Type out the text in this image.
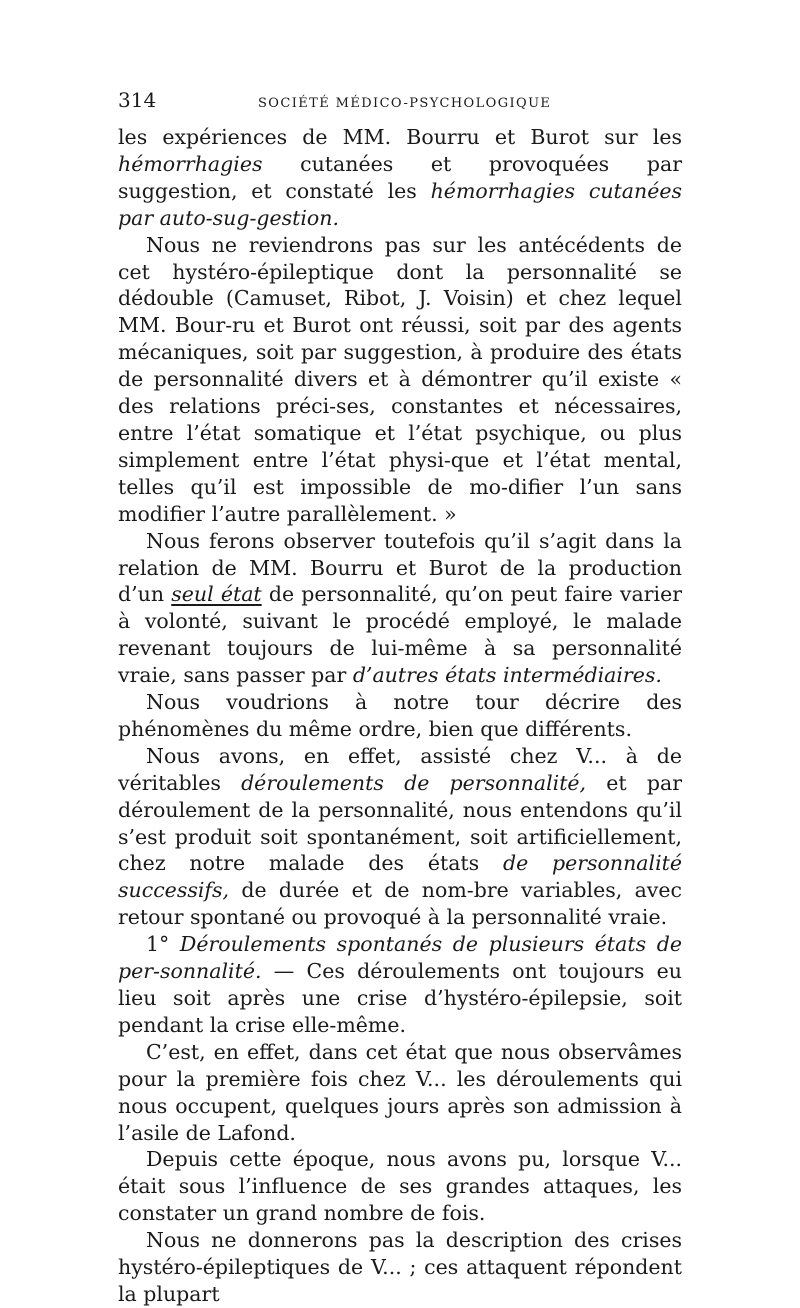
314	SOCIÉTÉ MÉDICO-PSYCHOLOGIQUE

les expériences de MM. Bourru et Burot sur les hémorrhagies cutanées et provoquées par suggestion, et constaté les hémorrhagies cutanées par auto-sug-gestion.

Nous ne reviendrons pas sur les antécédents de cet hystéro-épileptique dont la personnalité se dédouble (Camuset, Ribot, J. Voisin) et chez lequel MM. Bour-ru et Burot ont réussi, soit par des agents mécaniques, soit par suggestion, à produire des états de personnalité divers et à démontrer qu’il existe « des relations préci-ses, constantes et nécessaires, entre l’état somatique et l’état psychique, ou plus simplement entre l’état physi-que et l’état mental, telles qu’il est impossible de mo-difier l’un sans modifier l’autre parallèlement. »

Nous ferons observer toutefois qu’il s’agit dans la relation de MM. Bourru et Burot de la production d’un seul état de personnalité, qu’on peut faire varier à volonté, suivant le procédé employé, le malade revenant toujours de lui-même à sa personnalité vraie, sans passer par d’autres états intermédiaires.

Nous voudrions à notre tour décrire des phénomènes du même ordre, bien que différents.

Nous avons, en effet, assisté chez V... à de véritables déroulements de personnalité, et par déroulement de la personnalité, nous entendons qu’il s’est produit soit spontanément, soit artificiellement, chez notre malade des états de personnalité successifs, de durée et de nom-bre variables, avec retour spontané ou provoqué à la personnalité vraie.

1° Déroulements spontanés de plusieurs états de per-sonnalité. — Ces déroulements ont toujours eu lieu soit après une crise d’hystéro-épilepsie, soit pendant la crise elle-même.

C’est, en effet, dans cet état que nous observâmes pour la première fois chez V... les déroulements qui nous occupent, quelques jours après son admission à l’asile de Lafond.

Depuis cette époque, nous avons pu, lorsque V... était sous l’influence de ses grandes attaques, les constater un grand nombre de fois.

Nous ne donnerons pas la description des crises hystéro-épileptiques de V... ; ces attaquent répondent la plupart
